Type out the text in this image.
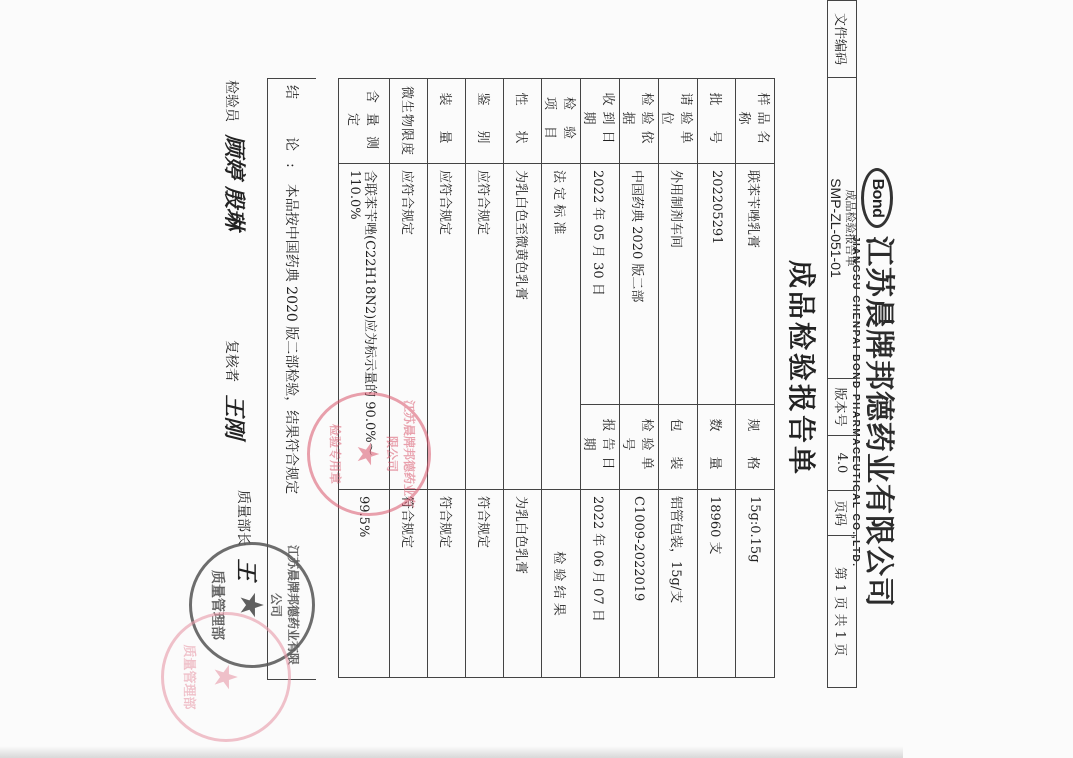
Bond
江苏晨牌邦德药业有限公司
JIANGSU CHENPAI BOND PHARMACEUTICAL CO.,LTD.
文件编码	
成品检验报告单
SMP-ZL-051-01
	版本号	4.0	页码	第 1 页 共 1 页
成品检验报告单
样品名称	联苯苄唑乳膏	规　格	15g:0.15g
批　号	202205291	数　量	18960 支
请验单位	外用制剂车间	包　装	铝管包装，15g/支
检验依据	中国药典 2020 版二部	检验单号	C1009-2022019
收到日期	2022 年 05 月 30 日	报告日期	2022 年 06 月 07 日
检 验 项 目	法 定 标 准		检 验 结 果
性　状	为乳白色至微黄色乳膏		为乳白色乳膏
鉴　别	应符合规定		符合规定
装　量	应符合规定		符合规定
微生物限度	应符合规定		符合规定
含 量 测 定	含联苯苄唑(C22H18N2)应为标示量的 90.0%～110.0%		99.5%
结　论:
本品按中国药典 2020 版二部检验，结果符合规定
检验员 顾婷 殷琳
复核者 王刚
质量部长 王
江苏晨牌邦德药业有限公司
★
检验专用章
江苏晨牌邦德药业有限公司
★
质量管理部
★
质量管理部
